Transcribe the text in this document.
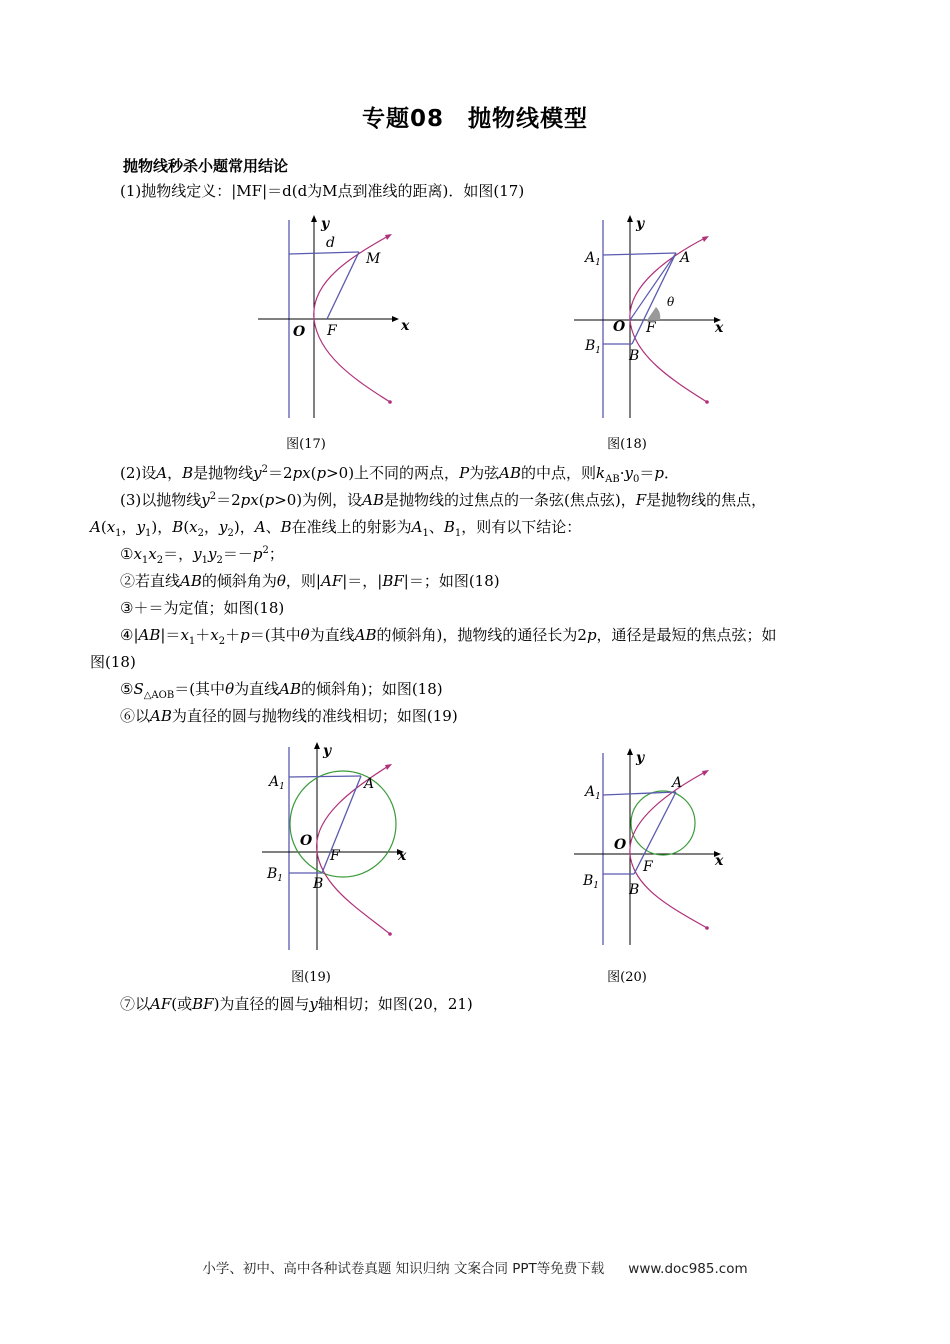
专题08　抛物线模型
抛物线秒杀小题常用结论
(1)抛物线定义：|MF|＝d(d为M点到准线的距离)．如图(17)
d
M
F
O	x
y
图(17)
$A_1$	A
θ
$B_1$ B
F
O	x
y
图(18)
(2)设A，B是抛物线$y^2=2px(p>0)$上不同的两点，P为弦AB的中点，则$k_{AB}\cdot y_0=p$．
(3)以抛物线$y^2=2px(p>0)$为例，设AB是抛物线的过焦点的一条弦(焦点弦)，F是抛物线的焦点，
$A(x_1$，$y_1$)，$B(x_2$，$y_2$)，A、B在准线上的射影为$A_1$、$B_1$，则有以下结论：
$①x_1x_2=$，$y_1y_2=-p^2$；
②若直线AB的倾斜角为θ，则|AF|＝，|BF|＝；如图(18)
③＋＝为定值；如图(18)
$④|AB|=x_1+x_2+p=$(其中θ为直线AB的倾斜角)，抛物线的通径长为2p，通径是最短的焦点弦；如
图(18)
$⑤S_{\triangle AOB}=$(其中θ为直线AB的倾斜角)；如图(18)
⑥以AB为直径的圆与抛物线的准线相切；如图(19)
$A_1$	A
$B_1$ B
F
O
x
y
图(19)
$A_1$
A
$B_1$ B
F
O
x
y
图(20)
⑦以AF(或BF)为直径的圆与y轴相切；如图(20，21)
小学、初中、高中各种试卷真题 知识归纳 文案合同 PPT等免费下载 www.doc985.com
